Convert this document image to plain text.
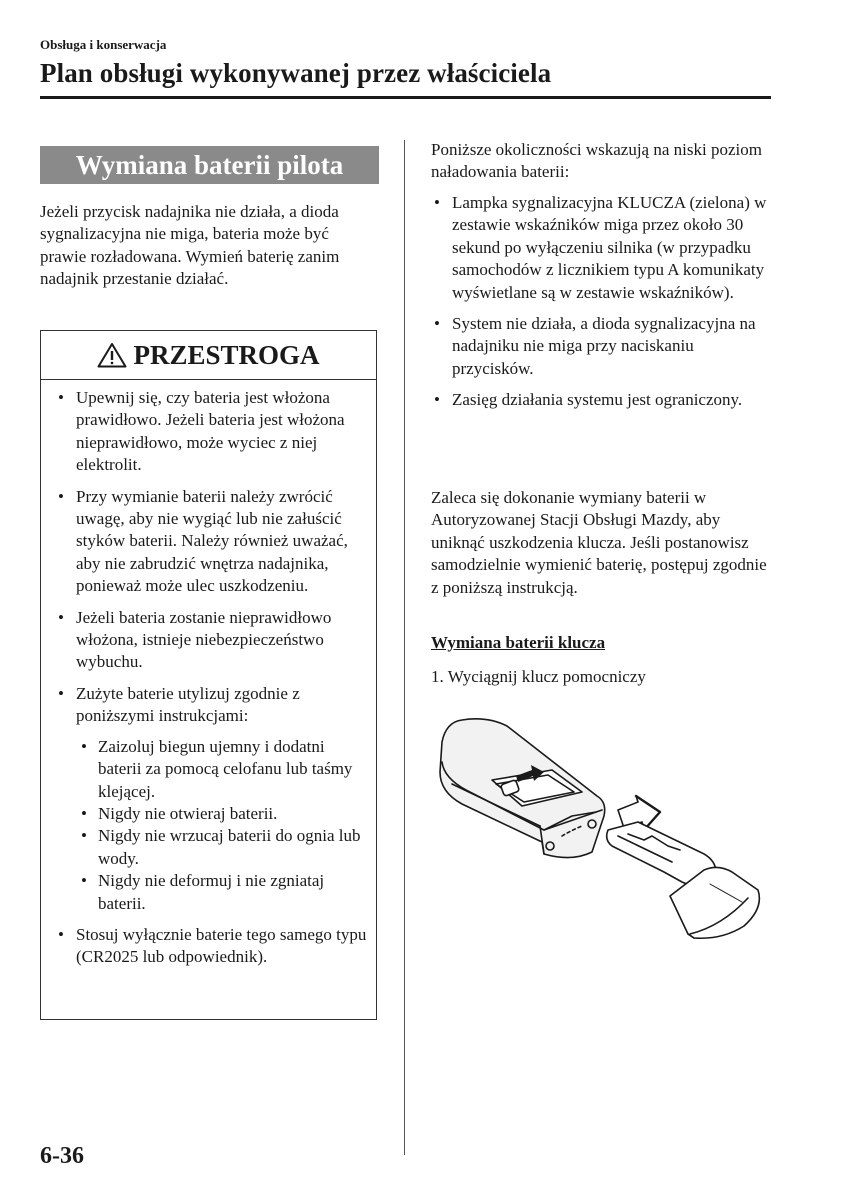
Obsługa i konserwacja
Plan obsługi wykonywanej przez właściciela
Wymiana baterii pilota
Jeżeli przycisk nadajnika nie działa, a dioda sygnalizacyjna nie miga, bateria może być prawie rozładowana. Wymień baterię zanim nadajnik przestanie działać.
PRZESTROGA
• Upewnij się, czy bateria jest włożona prawidłowo. Jeżeli bateria jest włożona nieprawidłowo, może wyciec z niej elektrolit.
• Przy wymianie baterii należy zwrócić uwagę, aby nie wygiąć lub nie załuścić styków baterii. Należy również uważać, aby nie zabrudzić wnętrza nadajnika, ponieważ może ulec uszkodzeniu.
• Jeżeli bateria zostanie nieprawidłowo włożona, istnieje niebezpieczeństwo wybuchu.
• Zużyte baterie utylizuj zgodnie z poniższymi instrukcjami:
• Zaizoluj biegun ujemny i dodatni baterii za pomocą celofanu lub taśmy klejącej.
• Nigdy nie otwieraj baterii.
• Nigdy nie wrzucaj baterii do ognia lub wody.
• Nigdy nie deformuj i nie zgniataj baterii.
• Stosuj wyłącznie baterie tego samego typu (CR2025 lub odpowiednik).
Poniższe okoliczności wskazują na niski poziom naładowania baterii:
• Lampka sygnalizacyjna KLUCZA (zielona) w zestawie wskaźników miga przez około 30 sekund po wyłączeniu silnika (w przypadku samochodów z licznikiem typu A komunikaty wyświetlane są w zestawie wskaźników).
• System nie działa, a dioda sygnalizacyjna na nadajniku nie miga przy naciskaniu przycisków.
• Zasięg działania systemu jest ograniczony.
Zaleca się dokonanie wymiany baterii w Autoryzowanej Stacji Obsługi Mazdy, aby uniknąć uszkodzenia klucza. Jeśli postanowisz samodzielnie wymienić baterię, postępuj zgodnie z poniższą instrukcją.
Wymiana baterii klucza
1. Wyciągnij klucz pomocniczy
6-36
